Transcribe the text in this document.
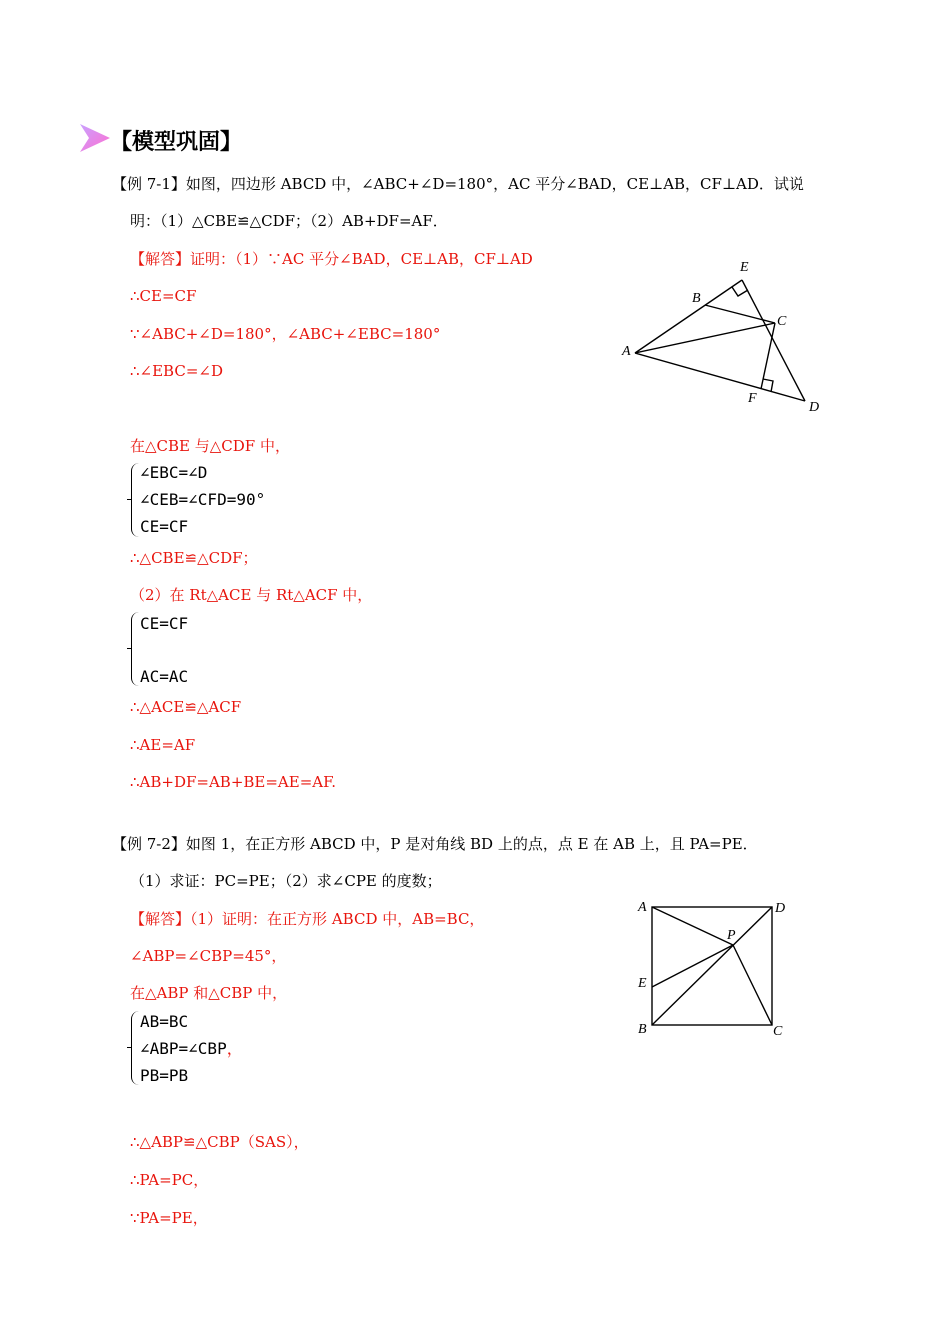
【模型巩固】
【例 7-1】如图，四边形 ABCD 中，∠ABC+∠D=180°，AC 平分∠BAD，CE⊥AB，CF⊥AD．试说
明：（1）△CBE≌△CDF；（2）AB+DF=AF．
【解答】证明：（1）∵AC 平分∠BAD，CE⊥AB，CF⊥AD
∴CE=CF
∵∠ABC+∠D=180°，∠ABC+∠EBC=180°
∴∠EBC=∠D
在△CBE 与△CDF 中，
∠EBC=∠D
∠CEB=∠CFD=90°
CE=CF
∴△CBE≌△CDF；
（2）在 Rt△ACE 与 Rt△ACF 中，
CE=CF
AC=AC
∴△ACE≌△ACF
∴AE=AF
∴AB+DF=AB+BE=AE=AF.
A
B
C
D
E
F
【例 7-2】如图 1，在正方形 ABCD 中，P 是对角线 BD 上的点，点 E 在 AB 上，且 PA=PE．
（1）求证：PC=PE；（2）求∠CPE 的度数；
【解答】（1）证明：在正方形 ABCD 中，AB=BC，
∠ABP=∠CBP=45°，
在△ABP 和△CBP 中，
AB=BC
∠ABP=∠CBP，
PB=PB
∴△ABP≌△CBP（SAS），
∴PA=PC，
∵PA=PE，
A	D
P
E
B	C
